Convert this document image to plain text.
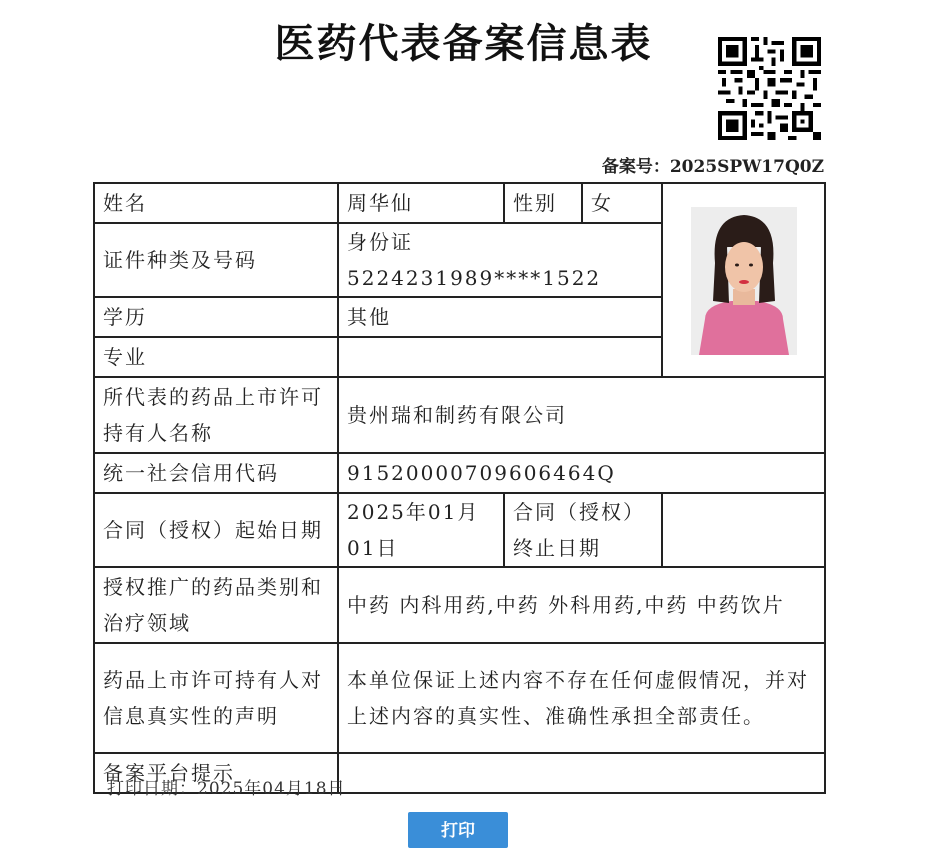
医药代表备案信息表
备案号：2025SPW17Q0Z
姓名	周华仙	性别	女	

证件种类及号码	身份证 5224231989****1522			
学历	其他			
专业				
所代表的药品上市许可持有人名称	贵州瑞和制药有限公司			
统一社会信用代码	91520000709606464Q			
合同（授权）起始日期	2025年01月01日	合同（授权）终止日期		
授权推广的药品类别和治疗领域	中药 内科用药,中药 外科用药,中药 中药饮片			
药品上市许可持有人对信息真实性的声明	本单位保证上述内容不存在任何虚假情况，并对上述内容的真实性、准确性承担全部责任。			
备案平台提示				
打印日期：2025年04月18日
打印
